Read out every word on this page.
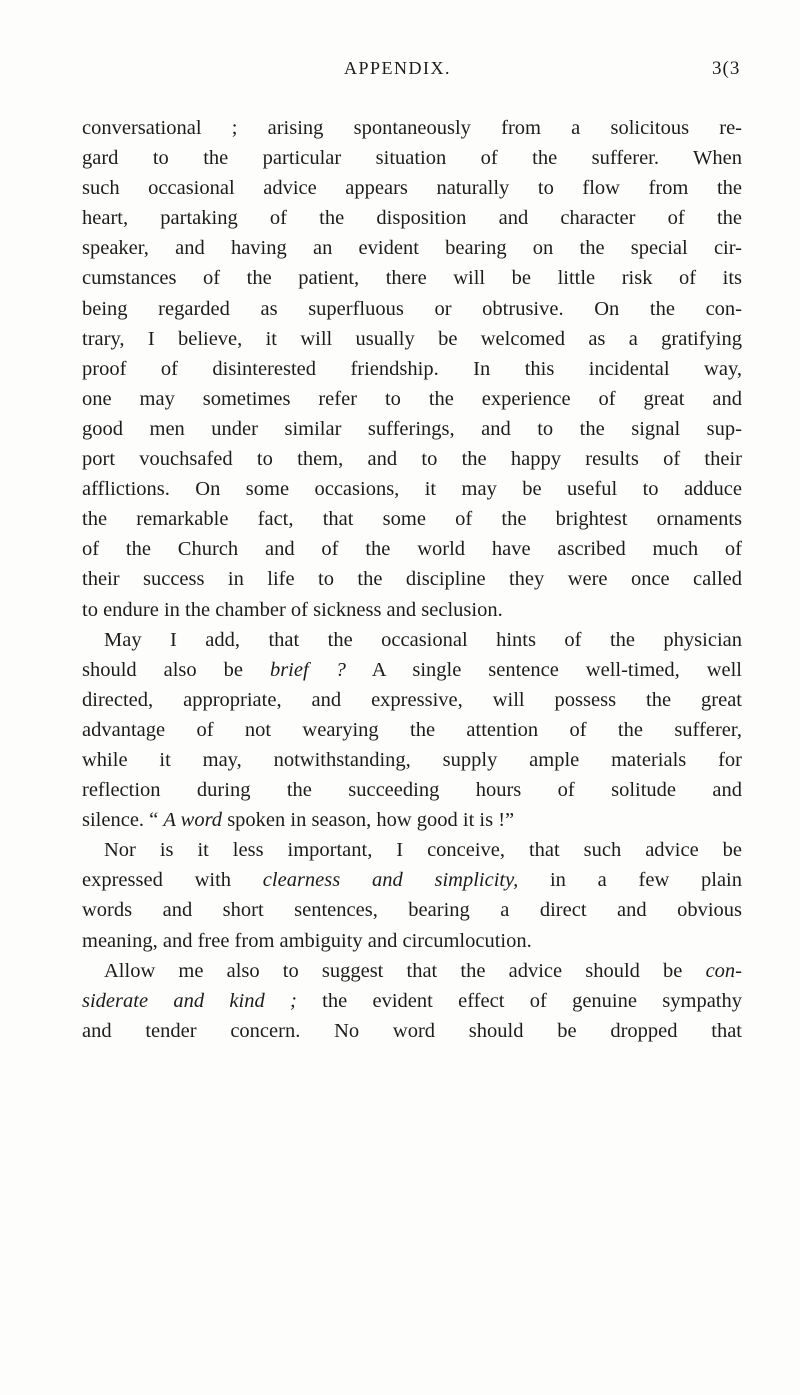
APPENDIX.	3(3
conversational ; arising spontaneously from a solicitous re-
gard to the particular situation of the sufferer. When
such occasional advice appears naturally to flow from the
heart, partaking of the disposition and character of the
speaker, and having an evident bearing on the special cir-
cumstances of the patient, there will be little risk of its
being regarded as superfluous or obtrusive. On the con-
trary, I believe, it will usually be welcomed as a gratifying
proof of disinterested friendship. In this incidental way,
one may sometimes refer to the experience of great and
good men under similar sufferings, and to the signal sup-
port vouchsafed to them, and to the happy results of their
afflictions. On some occasions, it may be useful to adduce
the remarkable fact, that some of the brightest ornaments
of the Church and of the world have ascribed much of
their success in life to the discipline they were once called
to endure in the chamber of sickness and seclusion.
May I add, that the occasional hints of the physician
should also be brief ? A single sentence well-timed, well
directed, appropriate, and expressive, will possess the great
advantage of not wearying the attention of the sufferer,
while it may, notwithstanding, supply ample materials for
reflection during the succeeding hours of solitude and
silence. “ A word spoken in season, how good it is !”
Nor is it less important, I conceive, that such advice be
expressed with clearness and simplicity, in a few plain
words and short sentences, bearing a direct and obvious
meaning, and free from ambiguity and circumlocution.
Allow me also to suggest that the advice should be con-
siderate and kind ; the evident effect of genuine sympathy
and tender concern. No word should be dropped that
